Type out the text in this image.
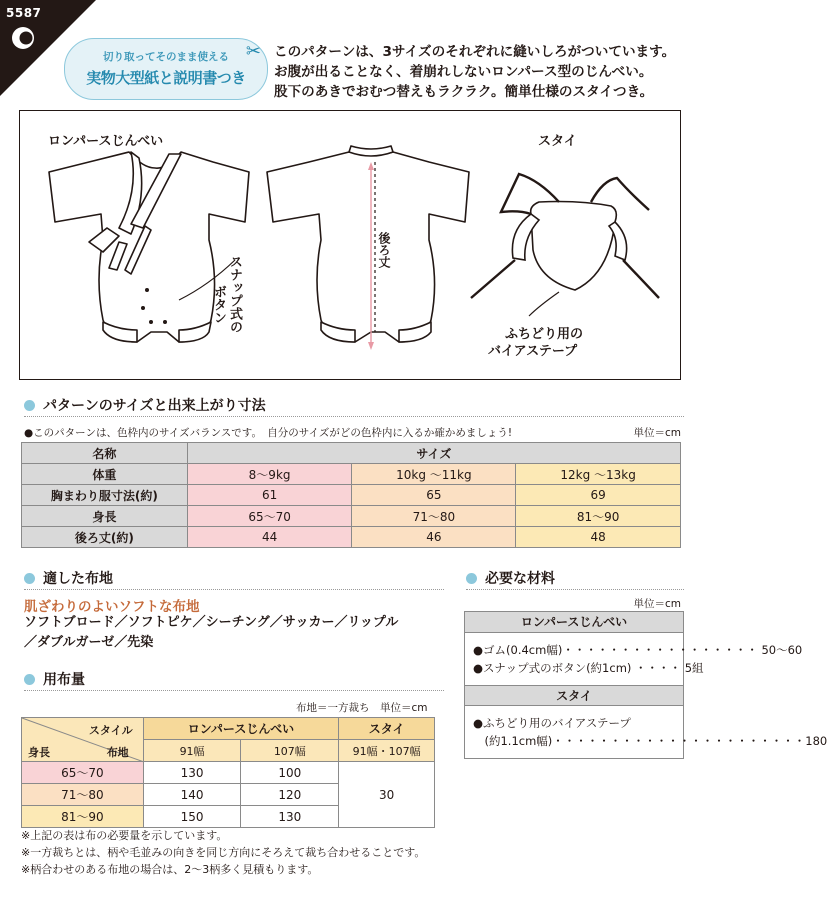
5587
切り取ってそのまま使える
実物大型紙と説明書つき
✂ このパターンは、3サイズのそれぞれに縫いしろがついています。

お腹が出ることなく、着崩れしないロンパース型のじんべい。

股下のあきでおむつ替えもラクラク。簡単仕様のスタイつき。

ロンパースじんべい	スタイ
スナップ式の
ボタン
後ろ丈
ふちどり用の
バイアステープ
パターンのサイズと出来上がり寸法
●このパターンは、色枠内のサイズバランスです。　自分のサイズがどの色枠内に入るか確かめましょう!	単位＝cm
名称	サイズ		
体重	8〜9kg	10kg 〜11kg	12kg 〜13kg
胸まわり服寸法(約)	61	65	69
身長	65〜70	71〜80	81〜90
後ろ丈(約)	44	46	48
適した布地
肌ざわりのよいソフトな布地
ソフトブロード／ソフトピケ／シーチング／サッカー／リップル
／ダブルガーゼ／先染
用布量
布地＝一方裁ち　単位＝cm
スタイル
布地
身長	ロンパースじんべい		スタイ
	91幅	107幅	91幅・107幅
65〜70	130	100	30
71〜80	140	120	
81〜90	150	130	
必要な材料
単位＝cm
ロンパースじんべい
●ゴム(0.4cm幅)・・・・・・・・・・・・・・・・・ 50〜60
●スナップ式のボタン(約1cm) ・・・・ 5組
スタイ
●ふちどり用のバイアステープ
　(約1.1cm幅)・・・・・・・・・・・・・・・・・・・・・・180
※上記の表は布の必要量を示しています。
※一方裁ちとは、柄や毛並みの向きを同じ方向にそろえて裁ち合わせることです。
※柄合わせのある布地の場合は、2〜3柄多く見積もります。
